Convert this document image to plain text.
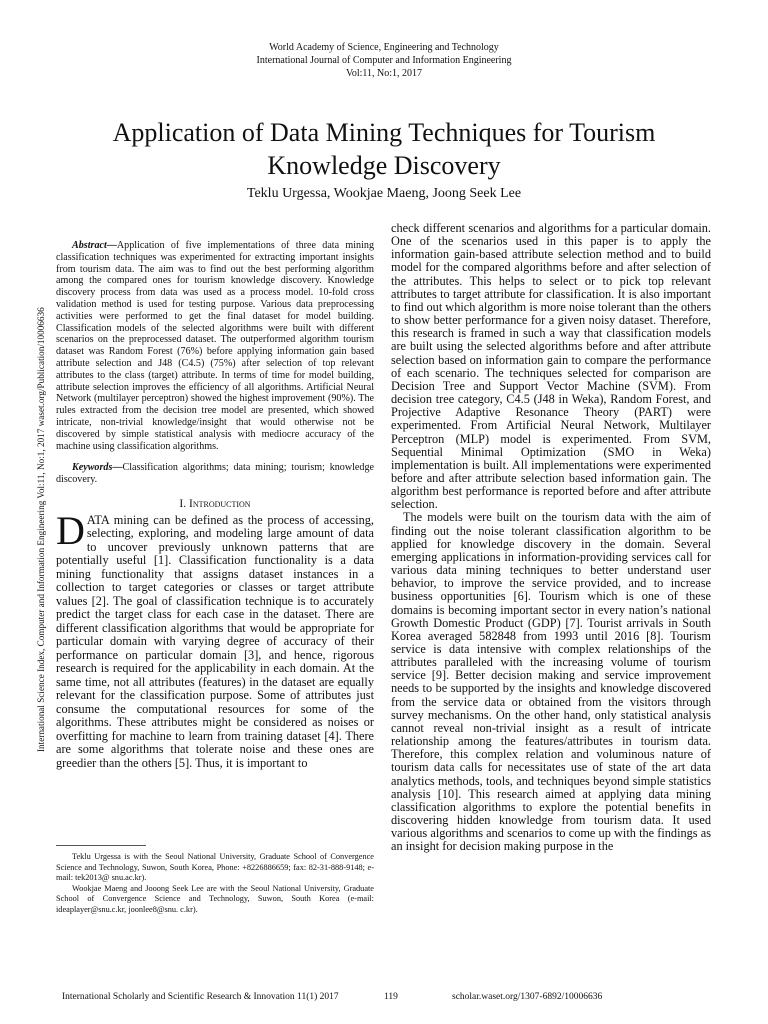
World Academy of Science, Engineering and Technology
International Journal of Computer and Information Engineering
Vol:11, No:1, 2017
Application of Data Mining Techniques for Tourism
Knowledge Discovery
Teklu Urgessa, Wookjae Maeng, Joong Seek Lee

Abstract—Application of five implementations of three data mining classification techniques was experimented for extracting important insights from tourism data. The aim was to find out the best performing algorithm among the compared ones for tourism knowledge discovery. Knowledge discovery process from data was used as a process model. 10-fold cross validation method is used for testing purpose. Various data preprocessing activities were performed to get the final dataset for model building. Classification models of the selected algorithms were built with different scenarios on the preprocessed dataset. The outperformed algorithm tourism dataset was Random Forest (76%) before applying information gain based attribute selection and J48 (C4.5) (75%) after selection of top relevant attributes to the class (target) attribute. In terms of time for model building, attribute selection improves the efficiency of all algorithms. Artificial Neural Network (multilayer perceptron) showed the highest improvement (90%). The rules extracted from the decision tree model are presented, which showed intricate, non-trivial knowledge/insight that would otherwise not be discovered by simple statistical analysis with mediocre accuracy of the machine using classification algorithms.

Keywords—Classification algorithms; data mining; tourism; knowledge discovery.

I. Introduction

DATA mining can be defined as the process of accessing, selecting, exploring, and modeling large amount of data to uncover previously unknown patterns that are potentially useful [1]. Classification functionality is a data mining functionality that assigns dataset instances in a collection to target categories or classes or target attribute values [2]. The goal of classification technique is to accurately predict the target class for each case in the dataset. There are different classification algorithms that would be appropriate for particular domain with varying degree of accuracy of their performance on particular domain [3], and hence, rigorous research is required for the applicability in each domain. At the same time, not all attributes (features) in the dataset are equally relevant for the classification purpose. Some of attributes just consume the computational resources for some of the algorithms. These attributes might be considered as noises or overfitting for machine to learn from training dataset [4]. There are some algorithms that tolerate noise and these ones are greedier than the others [5]. Thus, it is important to

check different scenarios and algorithms for a particular domain. One of the scenarios used in this paper is to apply the information gain-based attribute selection method and to build model for the compared algorithms before and after selection of the attributes. This helps to select or to pick top relevant attributes to target attribute for classification. It is also important to find out which algorithm is more noise tolerant than the others to show better performance for a given noisy dataset. Therefore, this research is framed in such a way that classification models are built using the selected algorithms before and after attribute selection based on information gain to compare the performance of each scenario. The techniques selected for comparison are Decision Tree and Support Vector Machine (SVM). From decision tree category, C4.5 (J48 in Weka), Random Forest, and Projective Adaptive Resonance Theory (PART) were experimented. From Artificial Neural Network, Multilayer Perceptron (MLP) model is experimented. From SVM, Sequential Minimal Optimization (SMO in Weka) implementation is built. All implementations were experimented before and after attribute selection based information gain. The algorithm best performance is reported before and after attribute selection.

The models were built on the tourism data with the aim of finding out the noise tolerant classification algorithm to be applied for knowledge discovery in the domain. Several emerging applications in information-providing services call for various data mining techniques to better understand user behavior, to improve the service provided, and to increase business opportunities [6]. Tourism which is one of these domains is becoming important sector in every nation’s national Growth Domestic Product (GDP) [7]. Tourist arrivals in South Korea averaged 582848 from 1993 until 2016 [8]. Tourism service is data intensive with complex relationships of the attributes paralleled with the increasing volume of tourism service [9]. Better decision making and service improvement needs to be supported by the insights and knowledge discovered from the service data or obtained from the visitors through survey mechanisms. On the other hand, only statistical analysis cannot reveal non-trivial insight as a result of intricate relationship among the features/attributes in tourism data. Therefore, this complex relation and voluminous nature of tourism data calls for necessitates use of state of the art data analytics methods, tools, and techniques beyond simple statistics analysis [10]. This research aimed at applying data mining classification algorithms to explore the potential benefits in discovering hidden knowledge from tourism data. It used various algorithms and scenarios to come up with the findings as an insight for decision making purpose in the

Teklu Urgessa is with the Seoul National University, Graduate School of Convergence Science and Technology, Suwon, South Korea, Phone: +8226886659; fax: 82-31-888-9148; e-mail: tek2013@ snu.ac.kr).

Wookjae Maeng and Jooong Seek Lee are with the Seoul National University, Graduate School of Convergence Science and Technology, Suwon, South Korea (e-mail: ideaplayer@snu.c.kr, joonlee8@snu. c.kr).

International Science Index, Computer and Information Engineering Vol:11, No:1, 2017 waset.org/Publication/10006636
International Scholarly and Scientific Research & Innovation 11(1) 2017	119	scholar.waset.org/1307-6892/10006636
